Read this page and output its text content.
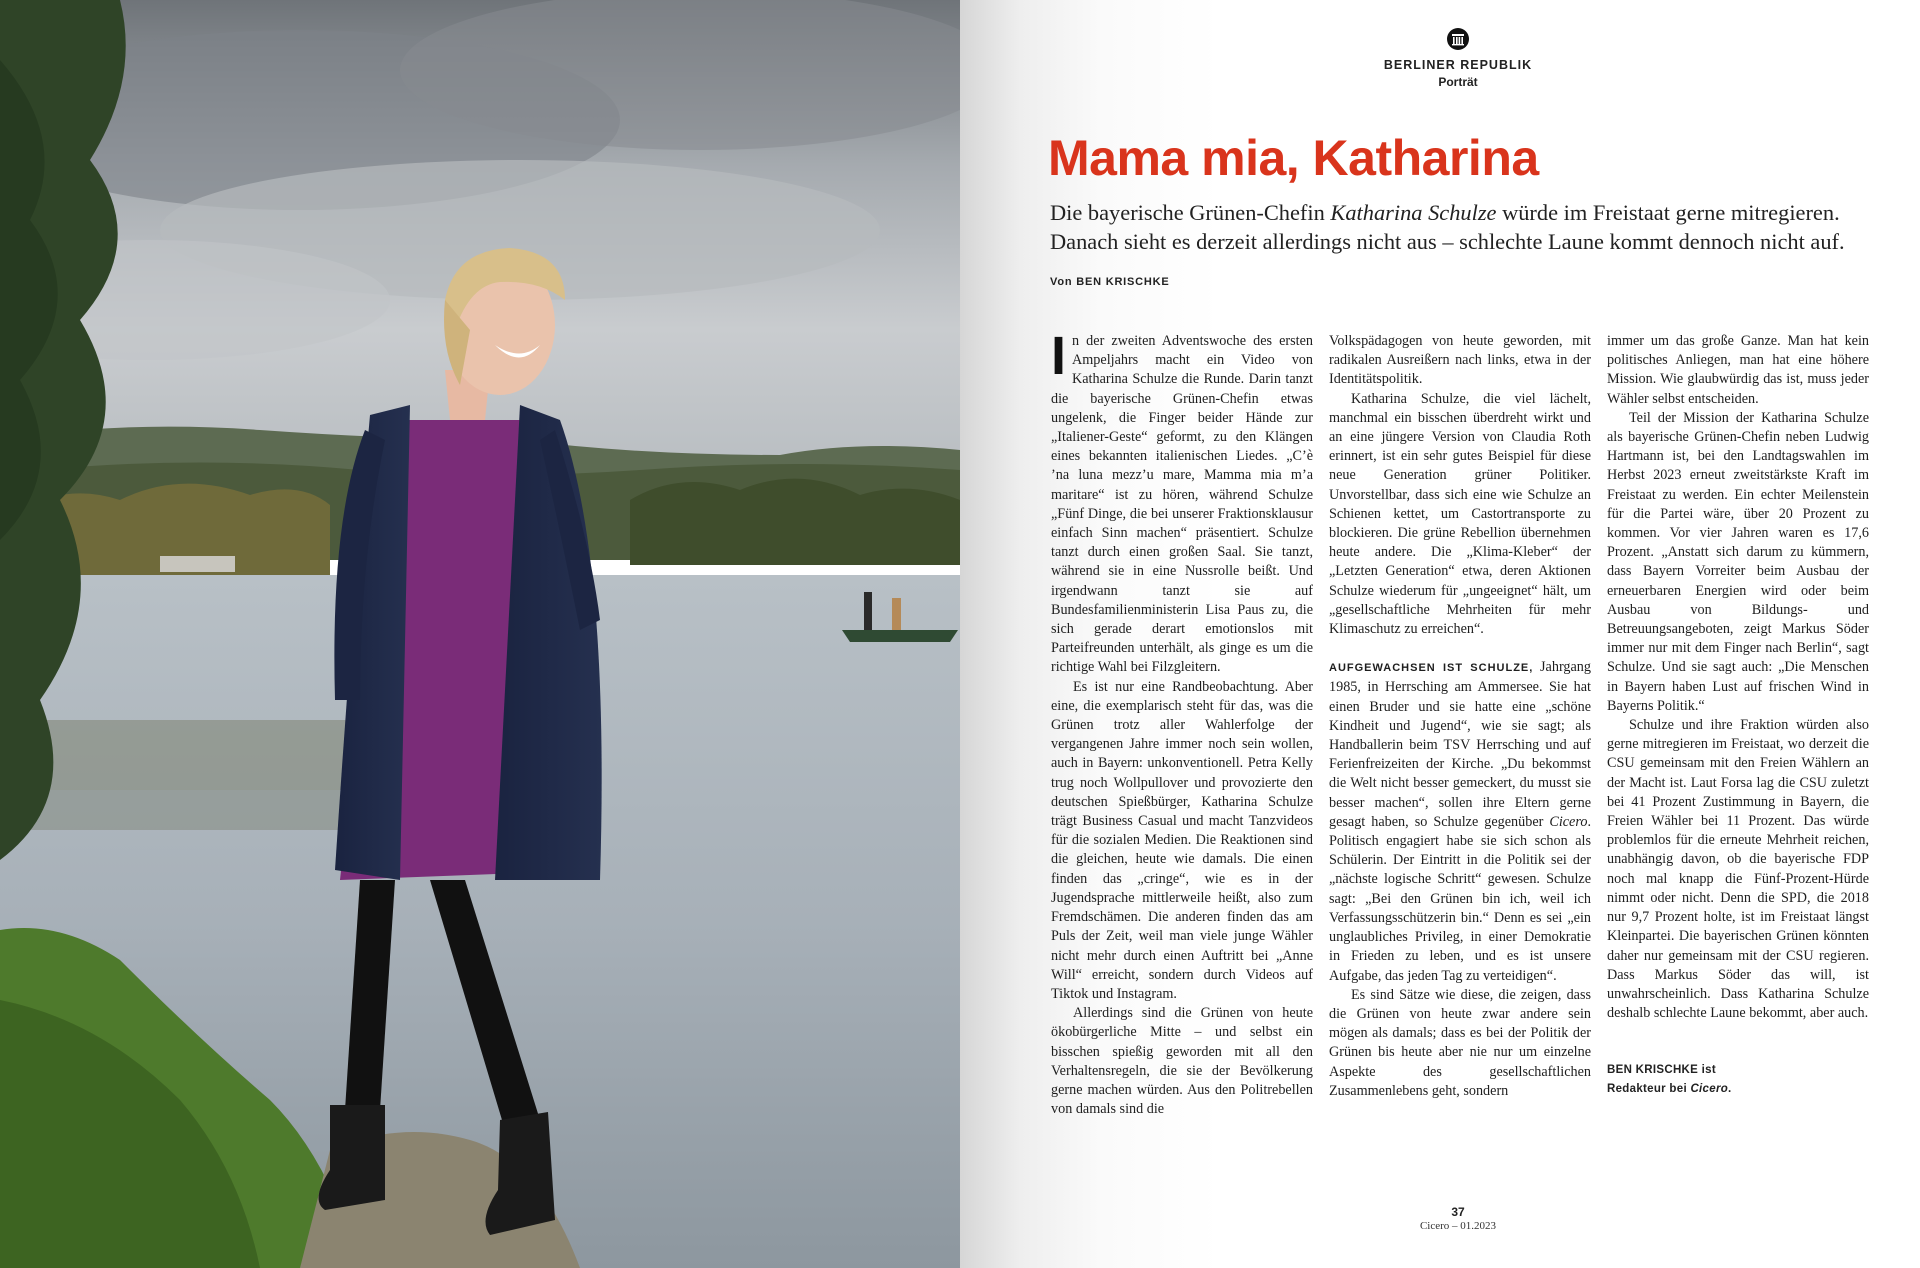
BERLINER REPUBLIK
Porträt
Mama mia, Katharina
Die bayerische Grünen-Chefin Katharina Schulze würde im Freistaat gerne mitregieren.
Danach sieht es derzeit allerdings nicht aus – schlechte Laune kommt dennoch nicht auf.
Von BEN KRISCHKE

In der zweiten Adventswoche des ersten Ampeljahrs macht ein Video von Katharina Schulze die Runde. Darin tanzt die bayerische Grünen-Chefin etwas ungelenk, die Finger beider Hände zur „Italiener-Geste“ geformt, zu den Klängen eines bekannten italienischen Liedes. „C’è ’na luna mezz’u mare, Mamma mia m’a maritare“ ist zu hören, während Schulze „Fünf Dinge, die bei unserer Fraktionsklausur einfach Sinn machen“ präsentiert. Schulze tanzt durch einen großen Saal. Sie tanzt, während sie in eine Nussrolle beißt. Und irgendwann tanzt sie auf Bundesfamilienministerin Lisa Paus zu, die sich gerade derart emotionslos mit Parteifreunden unterhält, als ginge es um die richtige Wahl bei Filzgleitern.

Es ist nur eine Randbeobachtung. Aber eine, die exemplarisch steht für das, was die Grünen trotz aller Wahlerfolge der vergangenen Jahre immer noch sein wollen, auch in Bayern: unkonventionell. Petra Kelly trug noch Wollpullover und provozierte den deutschen Spießbürger, Katharina Schulze trägt Business Casual und macht Tanzvideos für die sozialen Medien. Die Reaktionen sind die gleichen, heute wie damals. Die einen finden das „cringe“, wie es in der Jugendsprache mittlerweile heißt, also zum Fremdschämen. Die anderen finden das am Puls der Zeit, weil man viele junge Wähler nicht mehr durch einen Auftritt bei „Anne Will“ erreicht, sondern durch Videos auf Tiktok und Instagram.

Allerdings sind die Grünen von heute ökobürgerliche Mitte – und selbst ein bisschen spießig geworden mit all den Verhaltensregeln, die sie der Bevölkerung gerne machen würden. Aus den Politrebellen von damals sind die

Volkspädagogen von heute geworden, mit radikalen Ausreißern nach links, etwa in der Identitätspolitik.

Katharina Schulze, die viel lächelt, manchmal ein bisschen überdreht wirkt und an eine jüngere Version von Claudia Roth erinnert, ist ein sehr gutes Beispiel für diese neue Generation grüner Politiker. Unvorstellbar, dass sich eine wie Schulze an Schienen kettet, um Castortransporte zu blockieren. Die grüne Rebellion übernehmen heute andere. Die „Klima-Kleber“ der „Letzten Generation“ etwa, deren Aktionen Schulze wiederum für „ungeeignet“ hält, um „gesellschaftliche Mehrheiten für mehr Klimaschutz zu erreichen“.

AUFGEWACHSEN IST SCHULZE, Jahrgang 1985, in Herrsching am Ammersee. Sie hat einen Bruder und sie hatte eine „schöne Kindheit und Jugend“, wie sie sagt; als Handballerin beim TSV Herrsching und auf Ferienfreizeiten der Kirche. „Du bekommst die Welt nicht besser gemeckert, du musst sie besser machen“, sollen ihre Eltern gerne gesagt haben, so Schulze gegenüber Cicero. Politisch engagiert habe sie sich schon als Schülerin. Der Eintritt in die Politik sei der „nächste logische Schritt“ gewesen. Schulze sagt: „Bei den Grünen bin ich, weil ich Verfassungsschützerin bin.“ Denn es sei „ein unglaubliches Privileg, in einer Demokratie in Frieden zu leben, und es ist unsere Aufgabe, das jeden Tag zu verteidigen“.

Es sind Sätze wie diese, die zeigen, dass die Grünen von heute zwar andere sein mögen als damals; dass es bei der Politik der Grünen bis heute aber nie nur um einzelne Aspekte des gesellschaftlichen Zusammenlebens geht, sondern

immer um das große Ganze. Man hat kein politisches Anliegen, man hat eine höhere Mission. Wie glaubwürdig das ist, muss jeder Wähler selbst entscheiden.

Teil der Mission der Katharina Schulze als bayerische Grünen-Chefin neben Ludwig Hartmann ist, bei den Landtagswahlen im Herbst 2023 erneut zweitstärkste Kraft im Freistaat zu werden. Ein echter Meilenstein für die Partei wäre, über 20 Prozent zu kommen. Vor vier Jahren waren es 17,6 Prozent. „Anstatt sich darum zu kümmern, dass Bayern Vorreiter beim Ausbau der erneuerbaren Energien wird oder beim Ausbau von Bildungs- und Betreuungsangeboten, zeigt Markus Söder immer nur mit dem Finger nach Berlin“, sagt Schulze. Und sie sagt auch: „Die Menschen in Bayern haben Lust auf frischen Wind in Bayerns Politik.“

Schulze und ihre Fraktion würden also gerne mitregieren im Freistaat, wo derzeit die CSU gemeinsam mit den Freien Wählern an der Macht ist. Laut Forsa lag die CSU zuletzt bei 41 Prozent Zustimmung in Bayern, die Freien Wähler bei 11 Prozent. Das würde problemlos für die erneute Mehrheit reichen, unabhängig davon, ob die bayerische FDP noch mal knapp die Fünf-Prozent-Hürde nimmt oder nicht. Denn die SPD, die 2018 nur 9,7 Prozent holte, ist im Freistaat längst Kleinpartei. Die bayerischen Grünen könnten daher nur gemeinsam mit der CSU regieren. Dass Markus Söder das will, ist unwahrscheinlich. Dass Katharina Schulze deshalb schlechte Laune bekommt, aber auch.

BEN KRISCHKE ist
Redakteur bei Cicero.
37
Cicero – 01.2023
